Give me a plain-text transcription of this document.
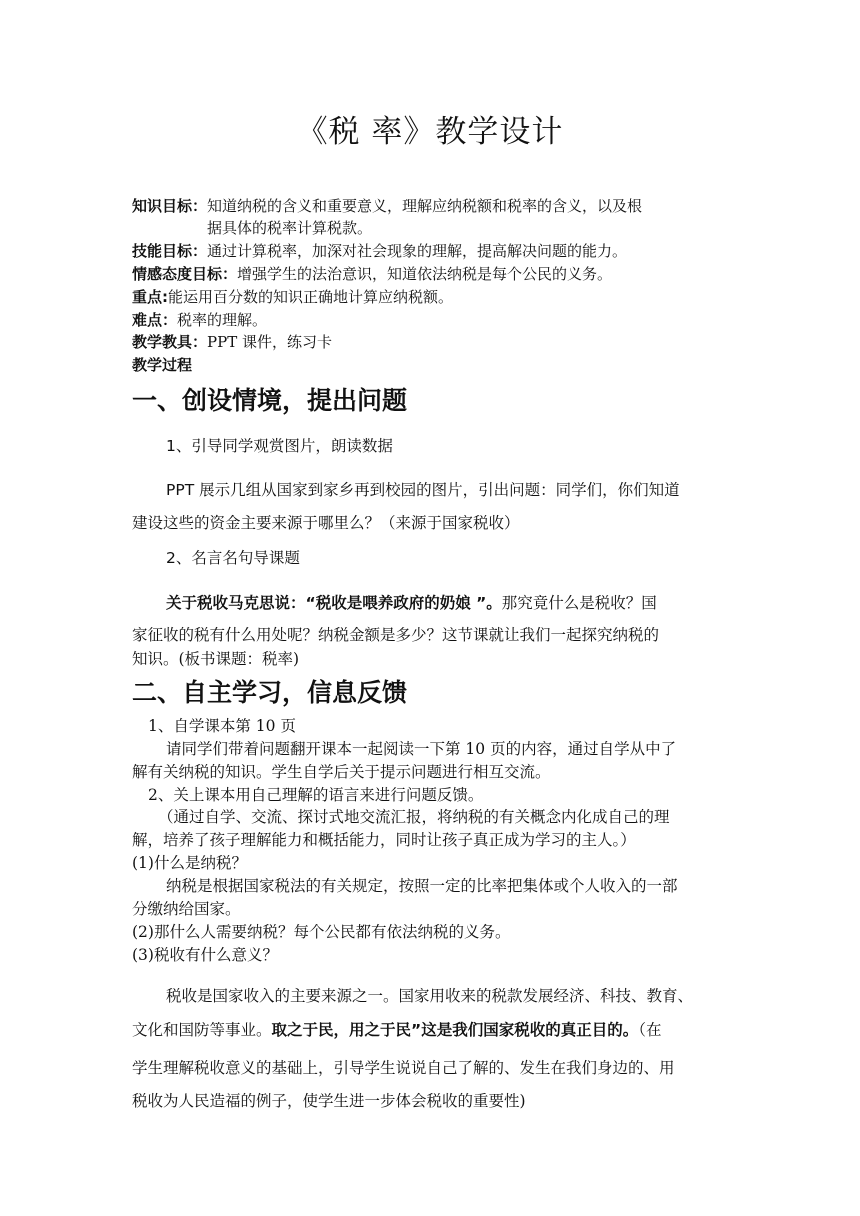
《税 率》教学设计
知识目标：知道纳税的含义和重要意义，理解应纳税额和税率的含义，以及根
据具体的税率计算税款。
技能目标：通过计算税率，加深对社会现象的理解，提高解决问题的能力。
情感态度目标：增强学生的法治意识，知道依法纳税是每个公民的义务。
重点:能运用百分数的知识正确地计算应纳税额。
难点：税率的理解。
教学教具：PPT 课件，练习卡
教学过程
一、创设情境，提出问题
1、引导同学观赏图片，朗读数据
PPT 展示几组从国家到家乡再到校园的图片，引出问题：同学们，你们知道
建设这些的资金主要来源于哪里么？（来源于国家税收）
2、名言名句导课题
关于税收马克思说：“税收是喂养政府的奶娘 ”。那究竟什么是税收？国
家征收的税有什么用处呢？纳税金额是多少？这节课就让我们一起探究纳税的
知识。(板书课题：税率)
二、自主学习，信息反馈
1、自学课本第 10 页
请同学们带着问题翻开课本一起阅读一下第 10 页的内容，通过自学从中了
解有关纳税的知识。学生自学后关于提示问题进行相互交流。
2、关上课本用自己理解的语言来进行问题反馈。
（通过自学、交流、探讨式地交流汇报，将纳税的有关概念内化成自己的理
解，培养了孩子理解能力和概括能力，同时让孩子真正成为学习的主人。）
(1)什么是纳税？
纳税是根据国家税法的有关规定，按照一定的比率把集体或个人收入的一部
分缴纳给国家。
(2)那什么人需要纳税？每个公民都有依法纳税的义务。
(3)税收有什么意义？
税收是国家收入的主要来源之一。国家用收来的税款发展经济、科技、教育、
文化和国防等事业。取之于民，用之于民”这是我们国家税收的真正目的。（在
学生理解税收意义的基础上，引导学生说说自己了解的、发生在我们身边的、用
税收为人民造福的例子，使学生进一步体会税收的重要性)
